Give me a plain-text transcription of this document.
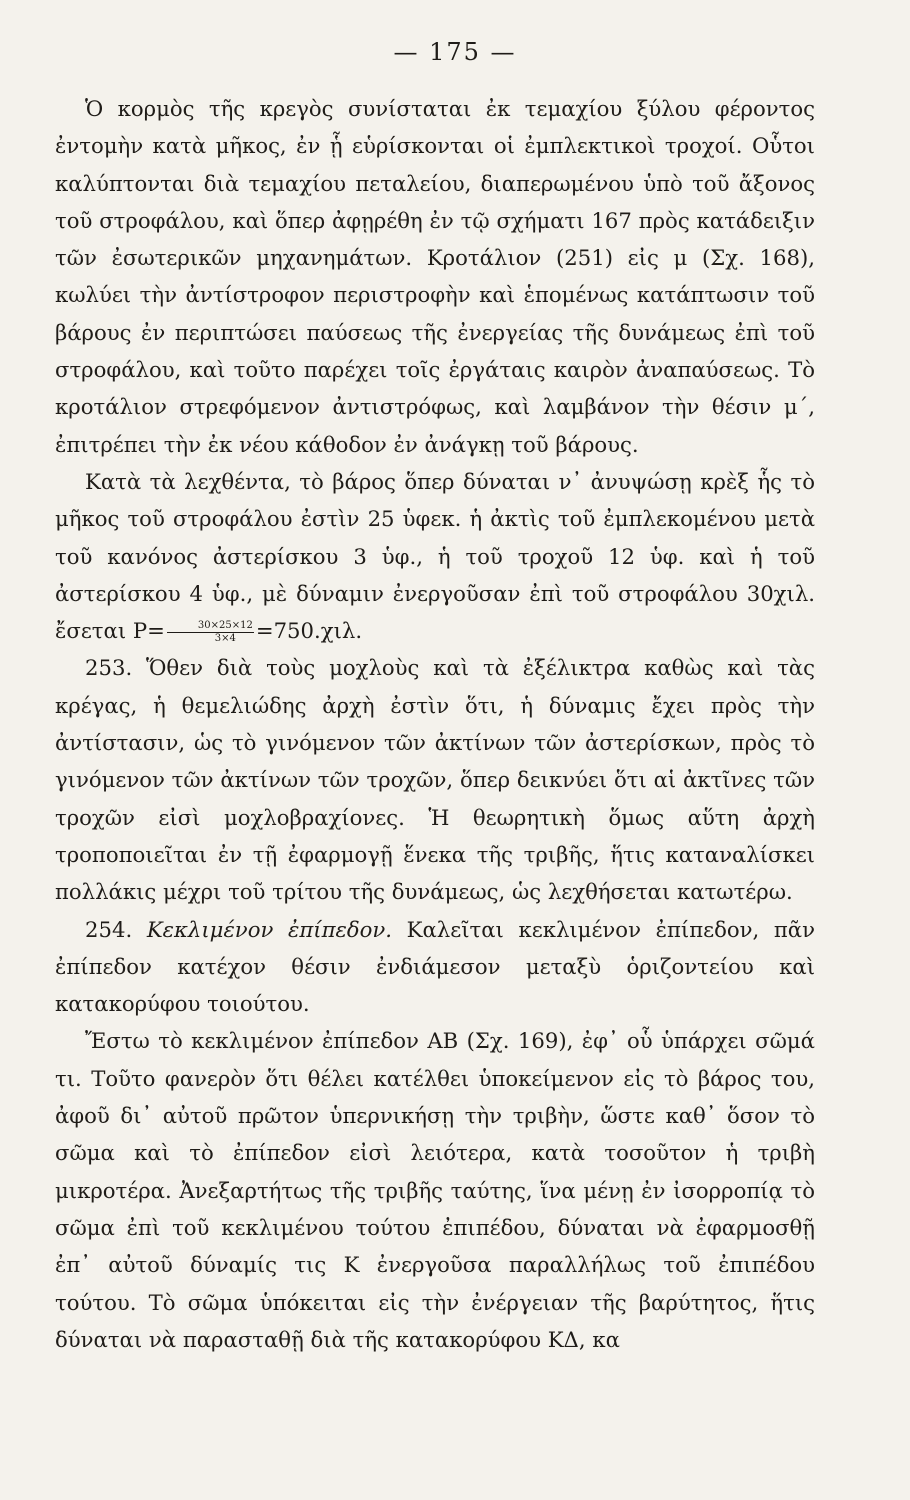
— 175 —

Ὁ κορμὸς τῆς κρεγὸς συνίσταται ἐκ τεμαχίου ξύλου φέροντος ἐντομὴν κατὰ μῆκος, ἐν ᾗ εὑρίσκονται οἱ ἐμπλεκτικοὶ τροχοί. Οὗτοι καλύπτονται διὰ τεμαχίου πεταλείου, διαπερωμένου ὑπὸ τοῦ ἄξονος τοῦ στροφάλου, καὶ ὅπερ ἀφῃρέθη ἐν τῷ σχήματι 167 πρὸς κατάδειξιν τῶν ἐσωτερικῶν μηχανημάτων. Κροτάλιον (251) εἰς μ (Σχ. 168), κωλύει τὴν ἀντίστροφον περιστροφὴν καὶ ἑπομένως κατάπτωσιν τοῦ βάρους ἐν περιπτώσει παύσεως τῆς ἐνεργείας τῆς δυνάμεως ἐπὶ τοῦ στροφάλου, καὶ τοῦτο παρέχει τοῖς ἐργάταις καιρὸν ἀναπαύσεως. Τὸ κροτάλιον στρεφόμενον ἀντιστρόφως, καὶ λαμβάνον τὴν θέσιν μ΄, ἐπιτρέπει τὴν ἐκ νέου κάθοδον ἐν ἀνάγκῃ τοῦ βάρους.

Κατὰ τὰ λεχθέντα, τὸ βάρος ὅπερ δύναται ν᾿ ἀνυψώσῃ κρὲξ ἧς τὸ μῆκος τοῦ στροφάλου ἐστὶν 25 ὑφεκ. ἡ ἀκτὶς τοῦ ἐμπλεκομένου μετὰ τοῦ κανόνος ἀστερίσκου 3 ὑφ., ἡ τοῦ τροχοῦ 12 ὑφ. καὶ ἡ τοῦ ἀστερίσκου 4 ὑφ., μὲ δύναμιν ἐνεργοῦσαν ἐπὶ τοῦ στροφάλου 30χιλ. ἔσεται $P= \frac{30\times 25\times 12}{3\times 4} =750.\chi\iota\lambda$.

253. Ὅθεν διὰ τοὺς μοχλοὺς καὶ τὰ ἐξέλικτρα καθὼς καὶ τὰς κρέγας, ἡ θεμελιώδης ἀρχὴ ἐστὶν ὅτι, ἡ δύναμις ἔχει πρὸς τὴν ἀντίστασιν, ὡς τὸ γινόμενον τῶν ἀκτίνων τῶν ἀστερίσκων, πρὸς τὸ γινόμενον τῶν ἀκτίνων τῶν τροχῶν, ὅπερ δεικνύει ὅτι αἱ ἀκτῖνες τῶν τροχῶν εἰσὶ μοχλοβραχίονες. Ἡ θεωρητικὴ ὅμως αὕτη ἀρχὴ τροποποιεῖται ἐν τῇ ἐφαρμογῇ ἕνεκα τῆς τριβῆς, ἥτις καταναλίσκει πολλάκις μέχρι τοῦ τρίτου τῆς δυνάμεως, ὡς λεχθήσεται κατωτέρω.

254. Κεκλιμένον ἐπίπεδον. Καλεῖται κεκλιμένον ἐπίπεδον, πᾶν ἐπίπεδον κατέχον θέσιν ἐνδιάμεσον μεταξὺ ὁριζοντείου καὶ κατακορύφου τοιούτου.

Ἔστω τὸ κεκλιμένον ἐπίπεδον AB (Σχ. 169), ἐφ᾿ οὗ ὑπάρχει σῶμά τι. Τοῦτο φανερὸν ὅτι θέλει κατέλθει ὑποκείμενον εἰς τὸ βάρος του, ἀφοῦ δι᾿ αὐτοῦ πρῶτον ὑπερνικήσῃ τὴν τριβὴν, ὥστε καθ᾿ ὅσον τὸ σῶμα καὶ τὸ ἐπίπεδον εἰσὶ λειότερα, κατὰ τοσοῦτον ἡ τριβὴ μικροτέρα. Ἀνεξαρτήτως τῆς τριβῆς ταύτης, ἵνα μένῃ ἐν ἰσορροπίᾳ τὸ σῶμα ἐπὶ τοῦ κεκλιμένου τούτου ἐπιπέδου, δύναται νὰ ἐφαρμοσθῇ ἐπ᾿ αὐτοῦ δύναμίς τις K ἐνεργοῦσα παραλλήλως τοῦ ἐπιπέδου τούτου. Τὸ σῶμα ὑπόκειται εἰς τὴν ἐνέργειαν τῆς βαρύτητος, ἥτις δύναται νὰ παρασταθῇ διὰ τῆς κατακορύφου KΔ, κα
